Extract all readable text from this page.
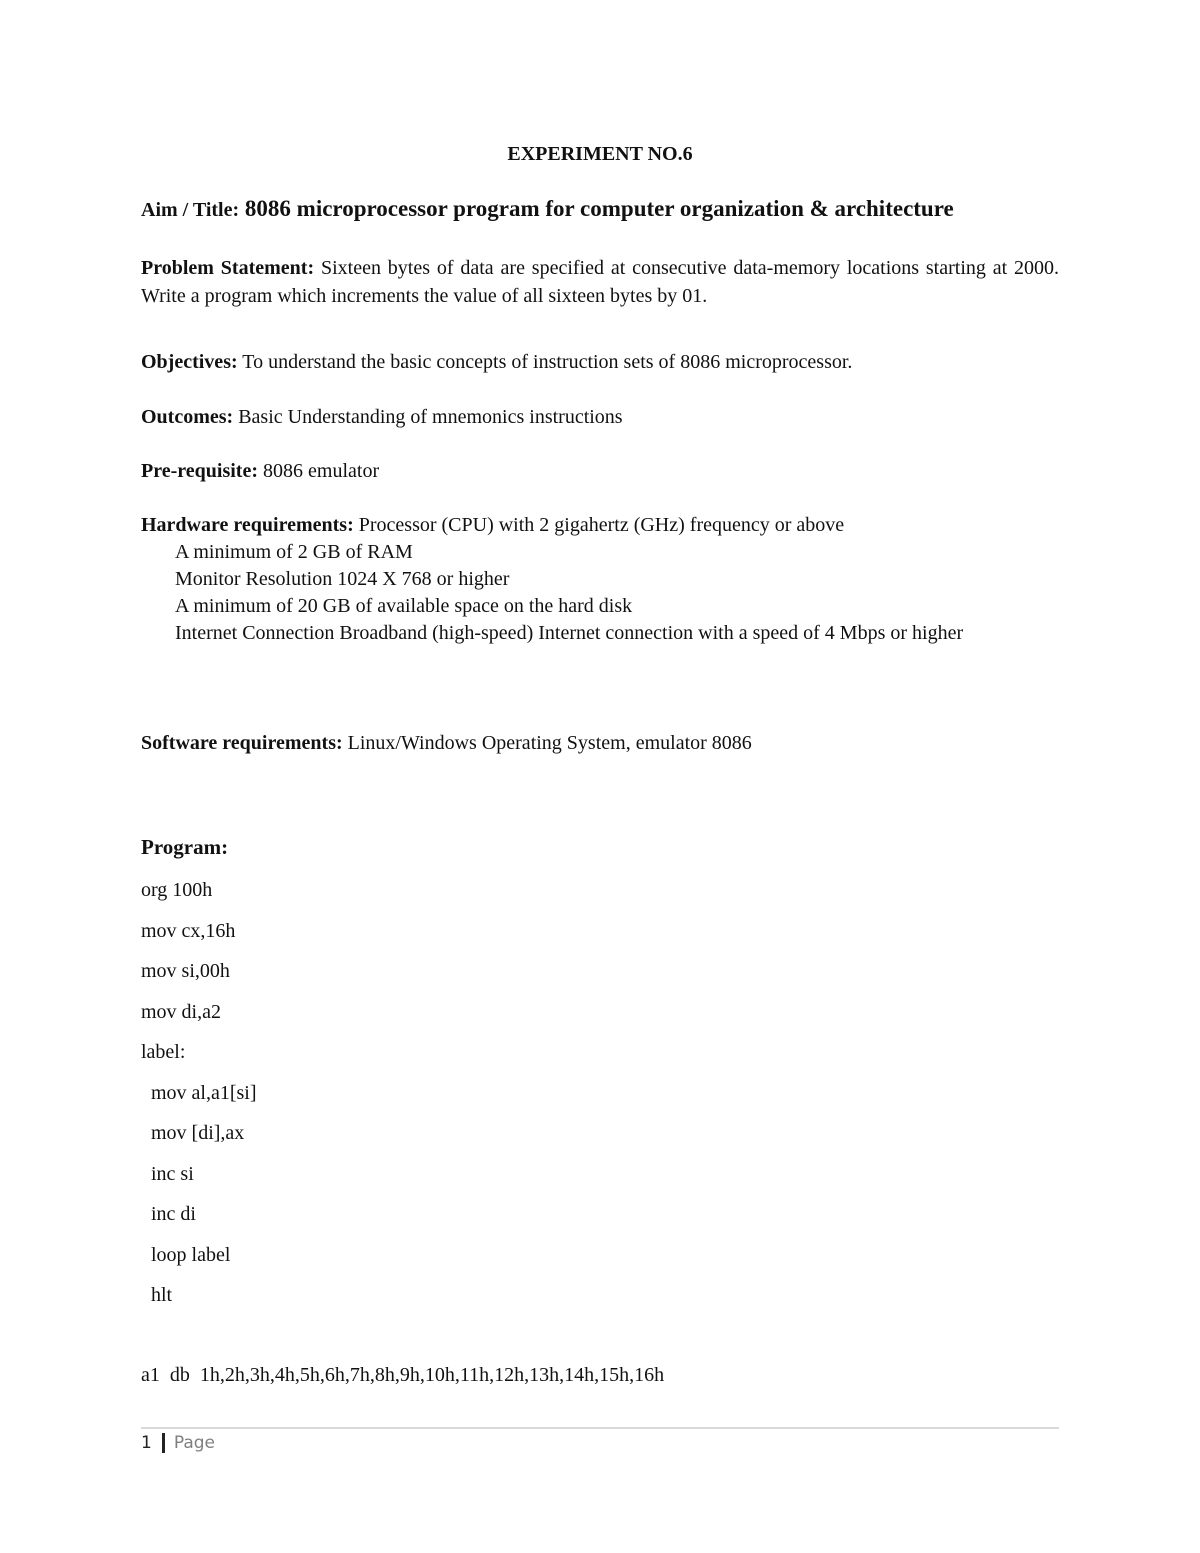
EXPERIMENT NO.6
Aim / Title: 8086 microprocessor program for computer organization & architecture
Problem Statement: Sixteen bytes of data are specified at consecutive data-memory locations starting at 2000. Write a program which increments the value of all sixteen bytes by 01.
Objectives: To understand the basic concepts of instruction sets of 8086 microprocessor.
Outcomes: Basic Understanding of mnemonics instructions
Pre-requisite: 8086 emulator
Hardware requirements: Processor (CPU) with 2 gigahertz (GHz) frequency or above
A minimum of 2 GB of RAM
Monitor Resolution 1024 X 768 or higher
A minimum of 20 GB of available space on the hard disk
Internet Connection Broadband (high-speed) Internet connection with a speed of 4 Mbps or higher
Software requirements: Linux/Windows Operating System, emulator 8086
Program:
org 100h
mov cx,16h
mov si,00h
mov di,a2
label:
mov al,a1[si]
mov [di],ax
inc si
inc di
loop label
hlt
a1  db  1h,2h,3h,4h,5h,6h,7h,8h,9h,10h,11h,12h,13h,14h,15h,16h
1 Page
